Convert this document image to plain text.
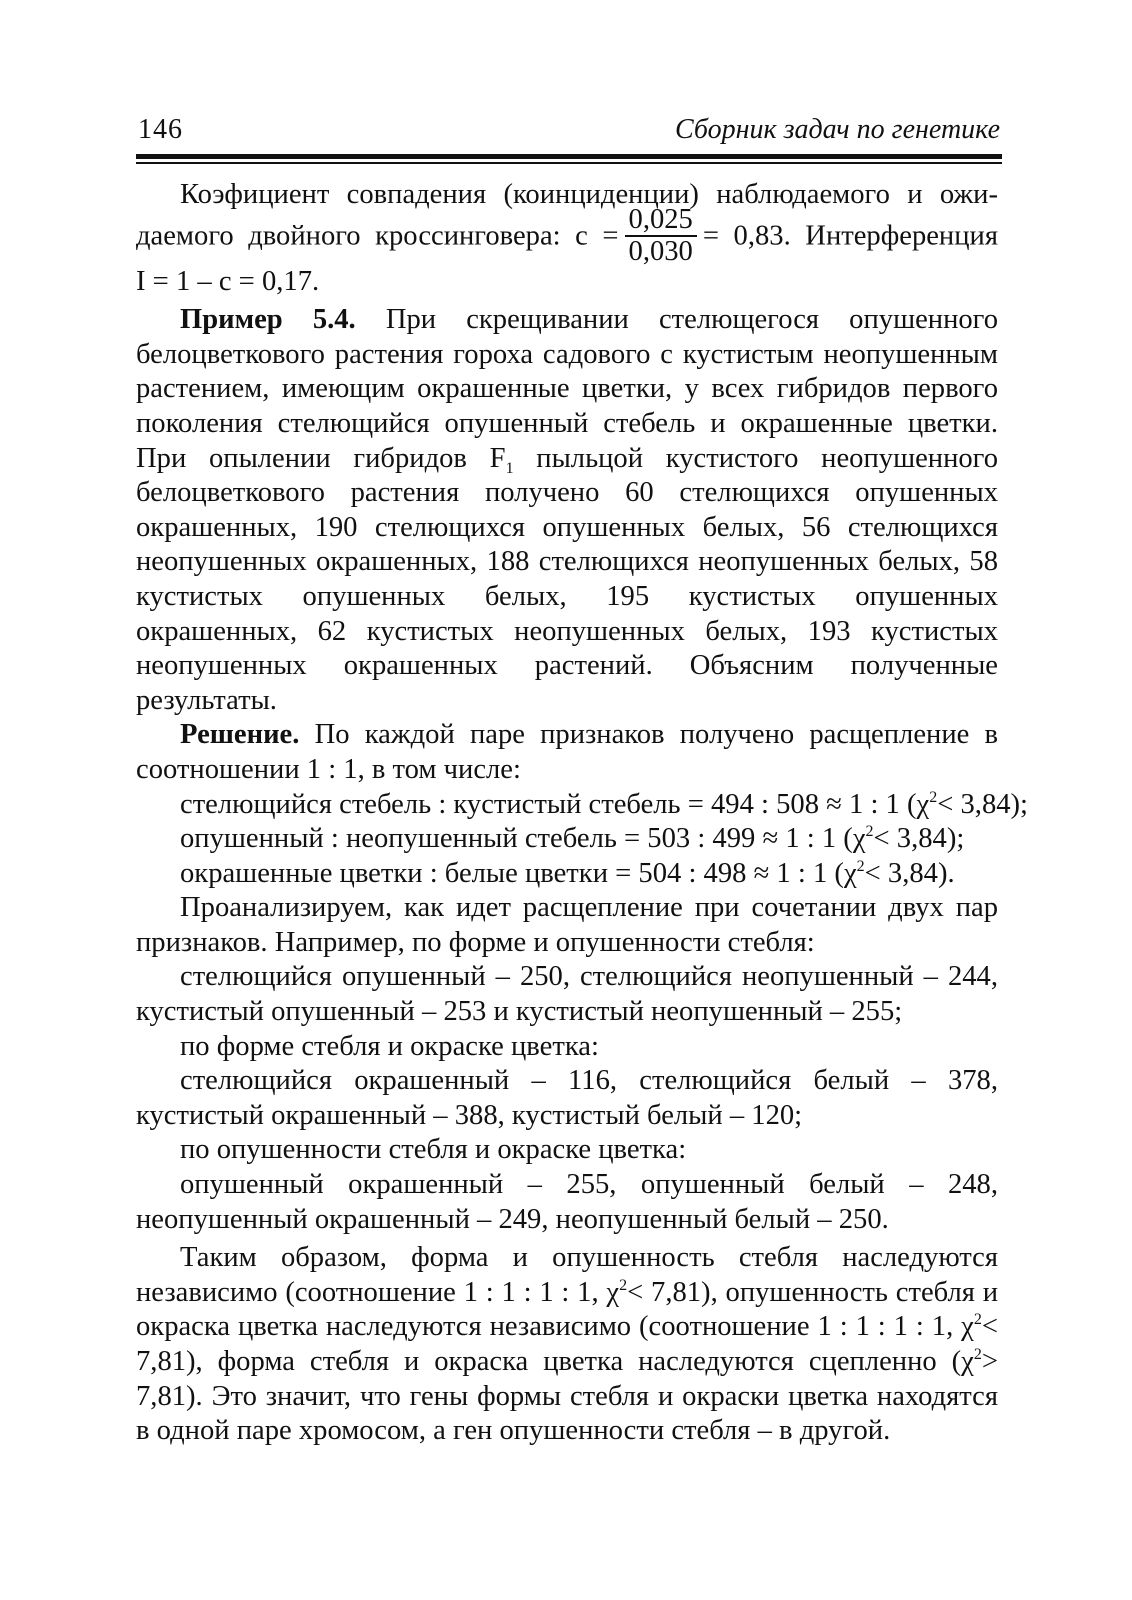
146	Сборник задач по генетике

Коэфициент совпадения (коинциденции) наблюдаемого и ожи-

даемого двойного кроссинговера: $c = \frac{0,025}{0,030} = 0,83$. Интерференция

I = 1 – c = 0,17.

Пример 5.4. При скрещивании стелющегося опушенного белоцветкового растения гороха садового с кустистым неопушенным растением, имеющим окрашенные цветки, у всех гибридов первого поколения стелющийся опушенный стебель и окрашенные цветки. При опылении гибридов $F_1$ пыльцой кустистого неопушенного белоцветкового растения получено 60 стелющихся опушенных окрашенных, 190 стелющихся опушенных белых, 56 стелющихся неопушенных окрашенных, 188 стелющихся неопушенных белых, 58 кустистых опушенных белых, 195 кустистых опушенных окрашенных, 62 кустистых неопушенных белых, 193 кустистых неопушенных окрашенных растений. Объясним полученные результаты.

Решение. По каждой паре признаков получено расщепление в соотношении 1 : 1, в том числе:

стелющийся стебель : кустистый стебель = 494 : 508 ≈ 1 : 1 $(\chi^2< 3,84)$;

опушенный : неопушенный стебель = 503 : 499 ≈ 1 : 1 $(\chi^2< 3,84)$;

окрашенные цветки : белые цветки = 504 : 498 ≈ 1 : 1 $(\chi^2< 3,84)$.

Проанализируем, как идет расщепление при сочетании двух пар признаков. Например, по форме и опушенности стебля:

стелющийся опушенный – 250, стелющийся неопушенный – 244, кустистый опушенный – 253 и кустистый неопушенный – 255;

по форме стебля и окраске цветка:

стелющийся окрашенный – 116, стелющийся белый – 378, кустистый окрашенный – 388, кустистый белый – 120;

по опушенности стебля и окраске цветка:

опушенный окрашенный – 255, опушенный белый – 248, неопушенный окрашенный – 249, неопушенный белый – 250.

Таким образом, форма и опушенность стебля наследуются независимо (соотношение 1 : 1 : 1 : 1, $\chi^2< 7,81$), опушенность стебля и окраска цветка наследуются независимо (соотношение 1 : 1 : 1 : 1, $\chi^2< 7,81$), форма стебля и окраска цветка наследуются сцепленно $(\chi^2> 7,81)$. Это значит, что гены формы стебля и окраски цветка находятся в одной паре хромосом, а ген опушенности стебля – в другой.
